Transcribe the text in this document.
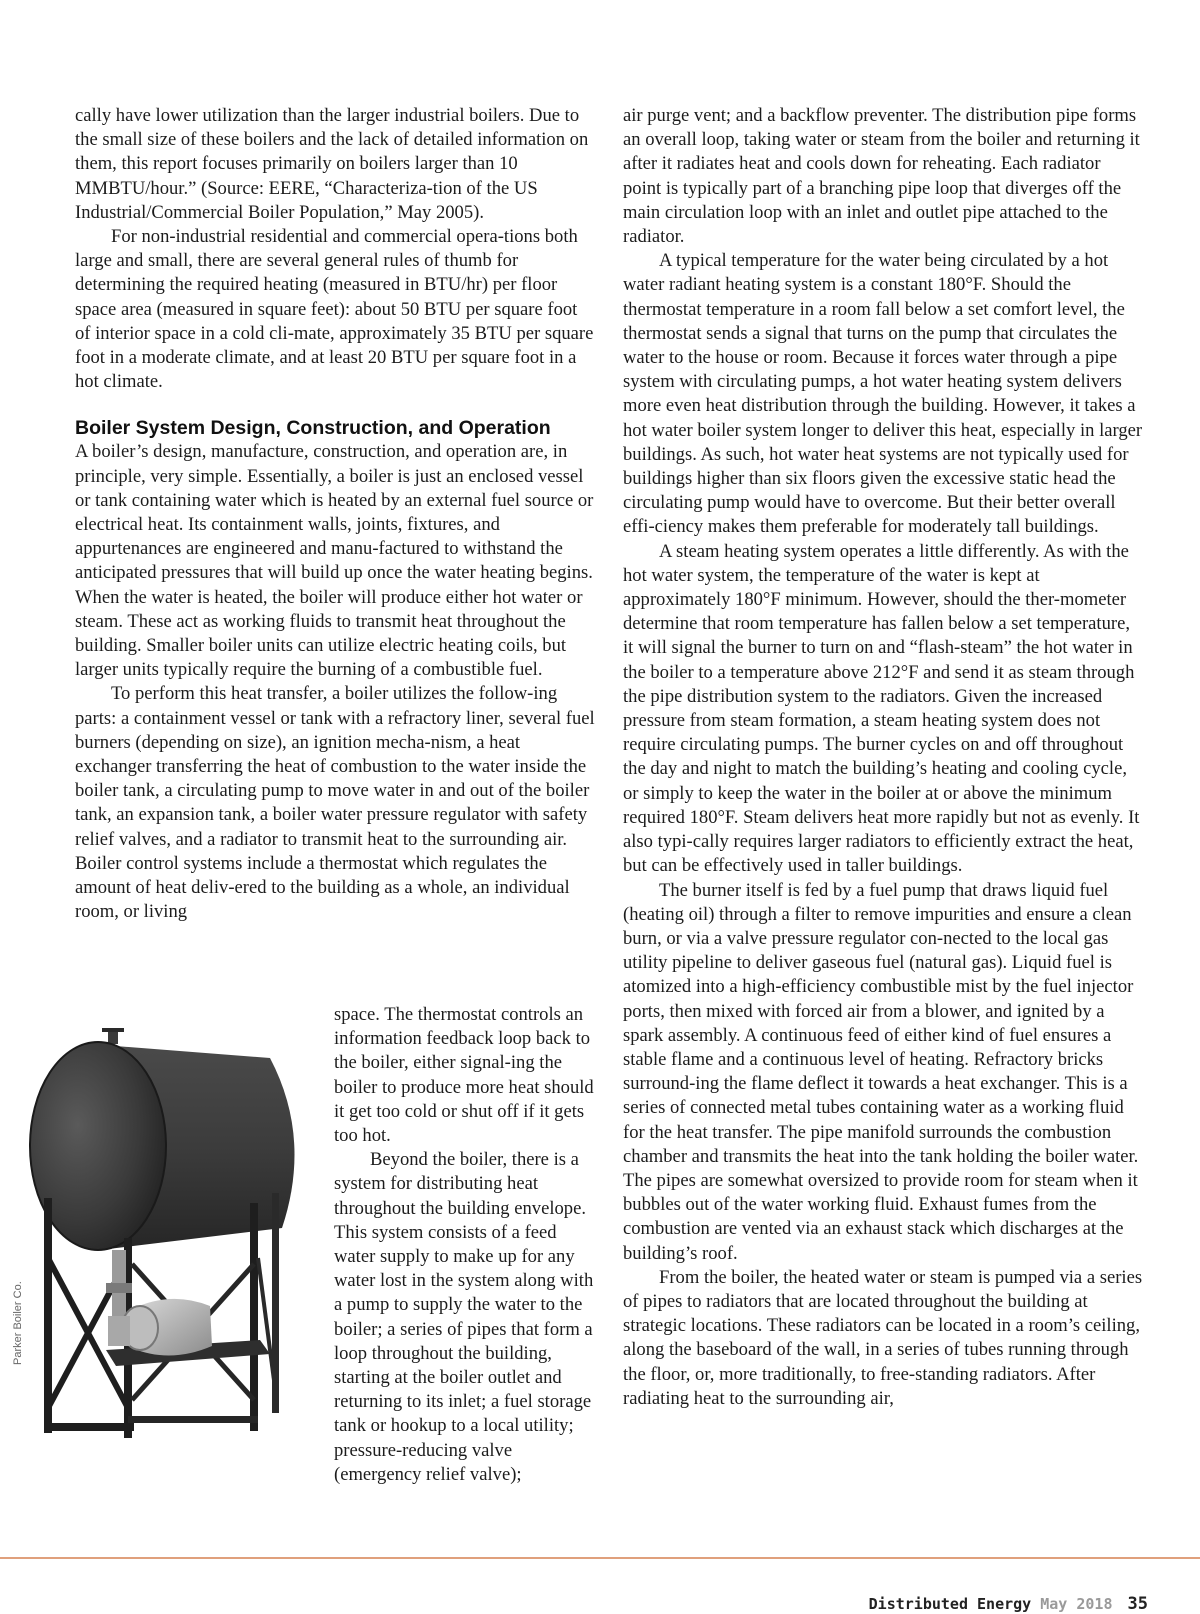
cally have lower utilization than the larger industrial boilers. Due to the small size of these boilers and the lack of detailed information on them, this report focuses primarily on boilers larger than 10 MMBTU/hour.” (Source: EERE, “Characteriza-tion of the US Industrial/Commercial Boiler Population,” May 2005).

For non-industrial residential and commercial opera-tions both large and small, there are several general rules of thumb for determining the required heating (measured in BTU/hr) per floor space area (measured in square feet): about 50 BTU per square foot of interior space in a cold cli-mate, approximately 35 BTU per square foot in a moderate climate, and at least 20 BTU per square foot in a hot climate.

Boiler System Design, Construction, and Operation

A boiler’s design, manufacture, construction, and operation are, in principle, very simple. Essentially, a boiler is just an enclosed vessel or tank containing water which is heated by an external fuel source or electrical heat. Its containment walls, joints, fixtures, and appurtenances are engineered and manu-factured to withstand the anticipated pressures that will build up once the water heating begins. When the water is heated, the boiler will produce either hot water or steam. These act as working fluids to transmit heat throughout the building. Smaller boiler units can utilize electric heating coils, but larger units typically require the burning of a combustible fuel.

To perform this heat transfer, a boiler utilizes the follow-ing parts: a containment vessel or tank with a refractory liner, several fuel burners (depending on size), an ignition mecha-nism, a heat exchanger transferring the heat of combustion to the water inside the boiler tank, a circulating pump to move water in and out of the boiler tank, an expansion tank, a boiler water pressure regulator with safety relief valves, and a radiator to transmit heat to the surrounding air. Boiler control systems include a thermostat which regulates the amount of heat deliv-ered to the building as a whole, an individual room, or living

space. The thermostat controls an information feedback loop back to the boiler, either signal-ing the boiler to produce more heat should it get too cold or shut off if it gets too hot.

Beyond the boiler, there is a system for distributing heat throughout the building envelope. This system consists of a feed water supply to make up for any water lost in the system along with a pump to supply the water to the boiler; a series of pipes that form a loop throughout the building, starting at the boiler outlet and returning to its inlet; a fuel storage tank or hookup to a local utility; pressure-reducing valve (emergency relief valve);

Parker Boiler Co.

air purge vent; and a backflow preventer. The distribution pipe forms an overall loop, taking water or steam from the boiler and returning it after it radiates heat and cools down for reheating. Each radiator point is typically part of a branching pipe loop that diverges off the main circulation loop with an inlet and outlet pipe attached to the radiator.

A typical temperature for the water being circulated by a hot water radiant heating system is a constant 180°F. Should the thermostat temperature in a room fall below a set comfort level, the thermostat sends a signal that turns on the pump that circulates the water to the house or room. Because it forces water through a pipe system with circulating pumps, a hot water heating system delivers more even heat distribution through the building. However, it takes a hot water boiler system longer to deliver this heat, especially in larger buildings. As such, hot water heat systems are not typically used for buildings higher than six floors given the excessive static head the circulating pump would have to overcome. But their better overall effi-ciency makes them preferable for moderately tall buildings.

A steam heating system operates a little differently. As with the hot water system, the temperature of the water is kept at approximately 180°F minimum. However, should the ther-mometer determine that room temperature has fallen below a set temperature, it will signal the burner to turn on and “flash-steam” the hot water in the boiler to a temperature above 212°F and send it as steam through the pipe distribution system to the radiators. Given the increased pressure from steam formation, a steam heating system does not require circulating pumps. The burner cycles on and off throughout the day and night to match the building’s heating and cooling cycle, or simply to keep the water in the boiler at or above the minimum required 180°F. Steam delivers heat more rapidly but not as evenly. It also typi-cally requires larger radiators to efficiently extract the heat, but can be effectively used in taller buildings.

The burner itself is fed by a fuel pump that draws liquid fuel (heating oil) through a filter to remove impurities and ensure a clean burn, or via a valve pressure regulator con-nected to the local gas utility pipeline to deliver gaseous fuel (natural gas). Liquid fuel is atomized into a high-efficiency combustible mist by the fuel injector ports, then mixed with forced air from a blower, and ignited by a spark assembly. A continuous feed of either kind of fuel ensures a stable flame and a continuous level of heating. Refractory bricks surround-ing the flame deflect it towards a heat exchanger. This is a series of connected metal tubes containing water as a working fluid for the heat transfer. The pipe manifold surrounds the combustion chamber and transmits the heat into the tank holding the boiler water. The pipes are somewhat oversized to provide room for steam when it bubbles out of the water working fluid. Exhaust fumes from the combustion are vented via an exhaust stack which discharges at the building’s roof.

From the boiler, the heated water or steam is pumped via a series of pipes to radiators that are located throughout the building at strategic locations. These radiators can be located in a room’s ceiling, along the baseboard of the wall, in a series of tubes running through the floor, or, more traditionally, to free-standing radiators. After radiating heat to the surrounding air,

Distributed Energy May 2018 35
